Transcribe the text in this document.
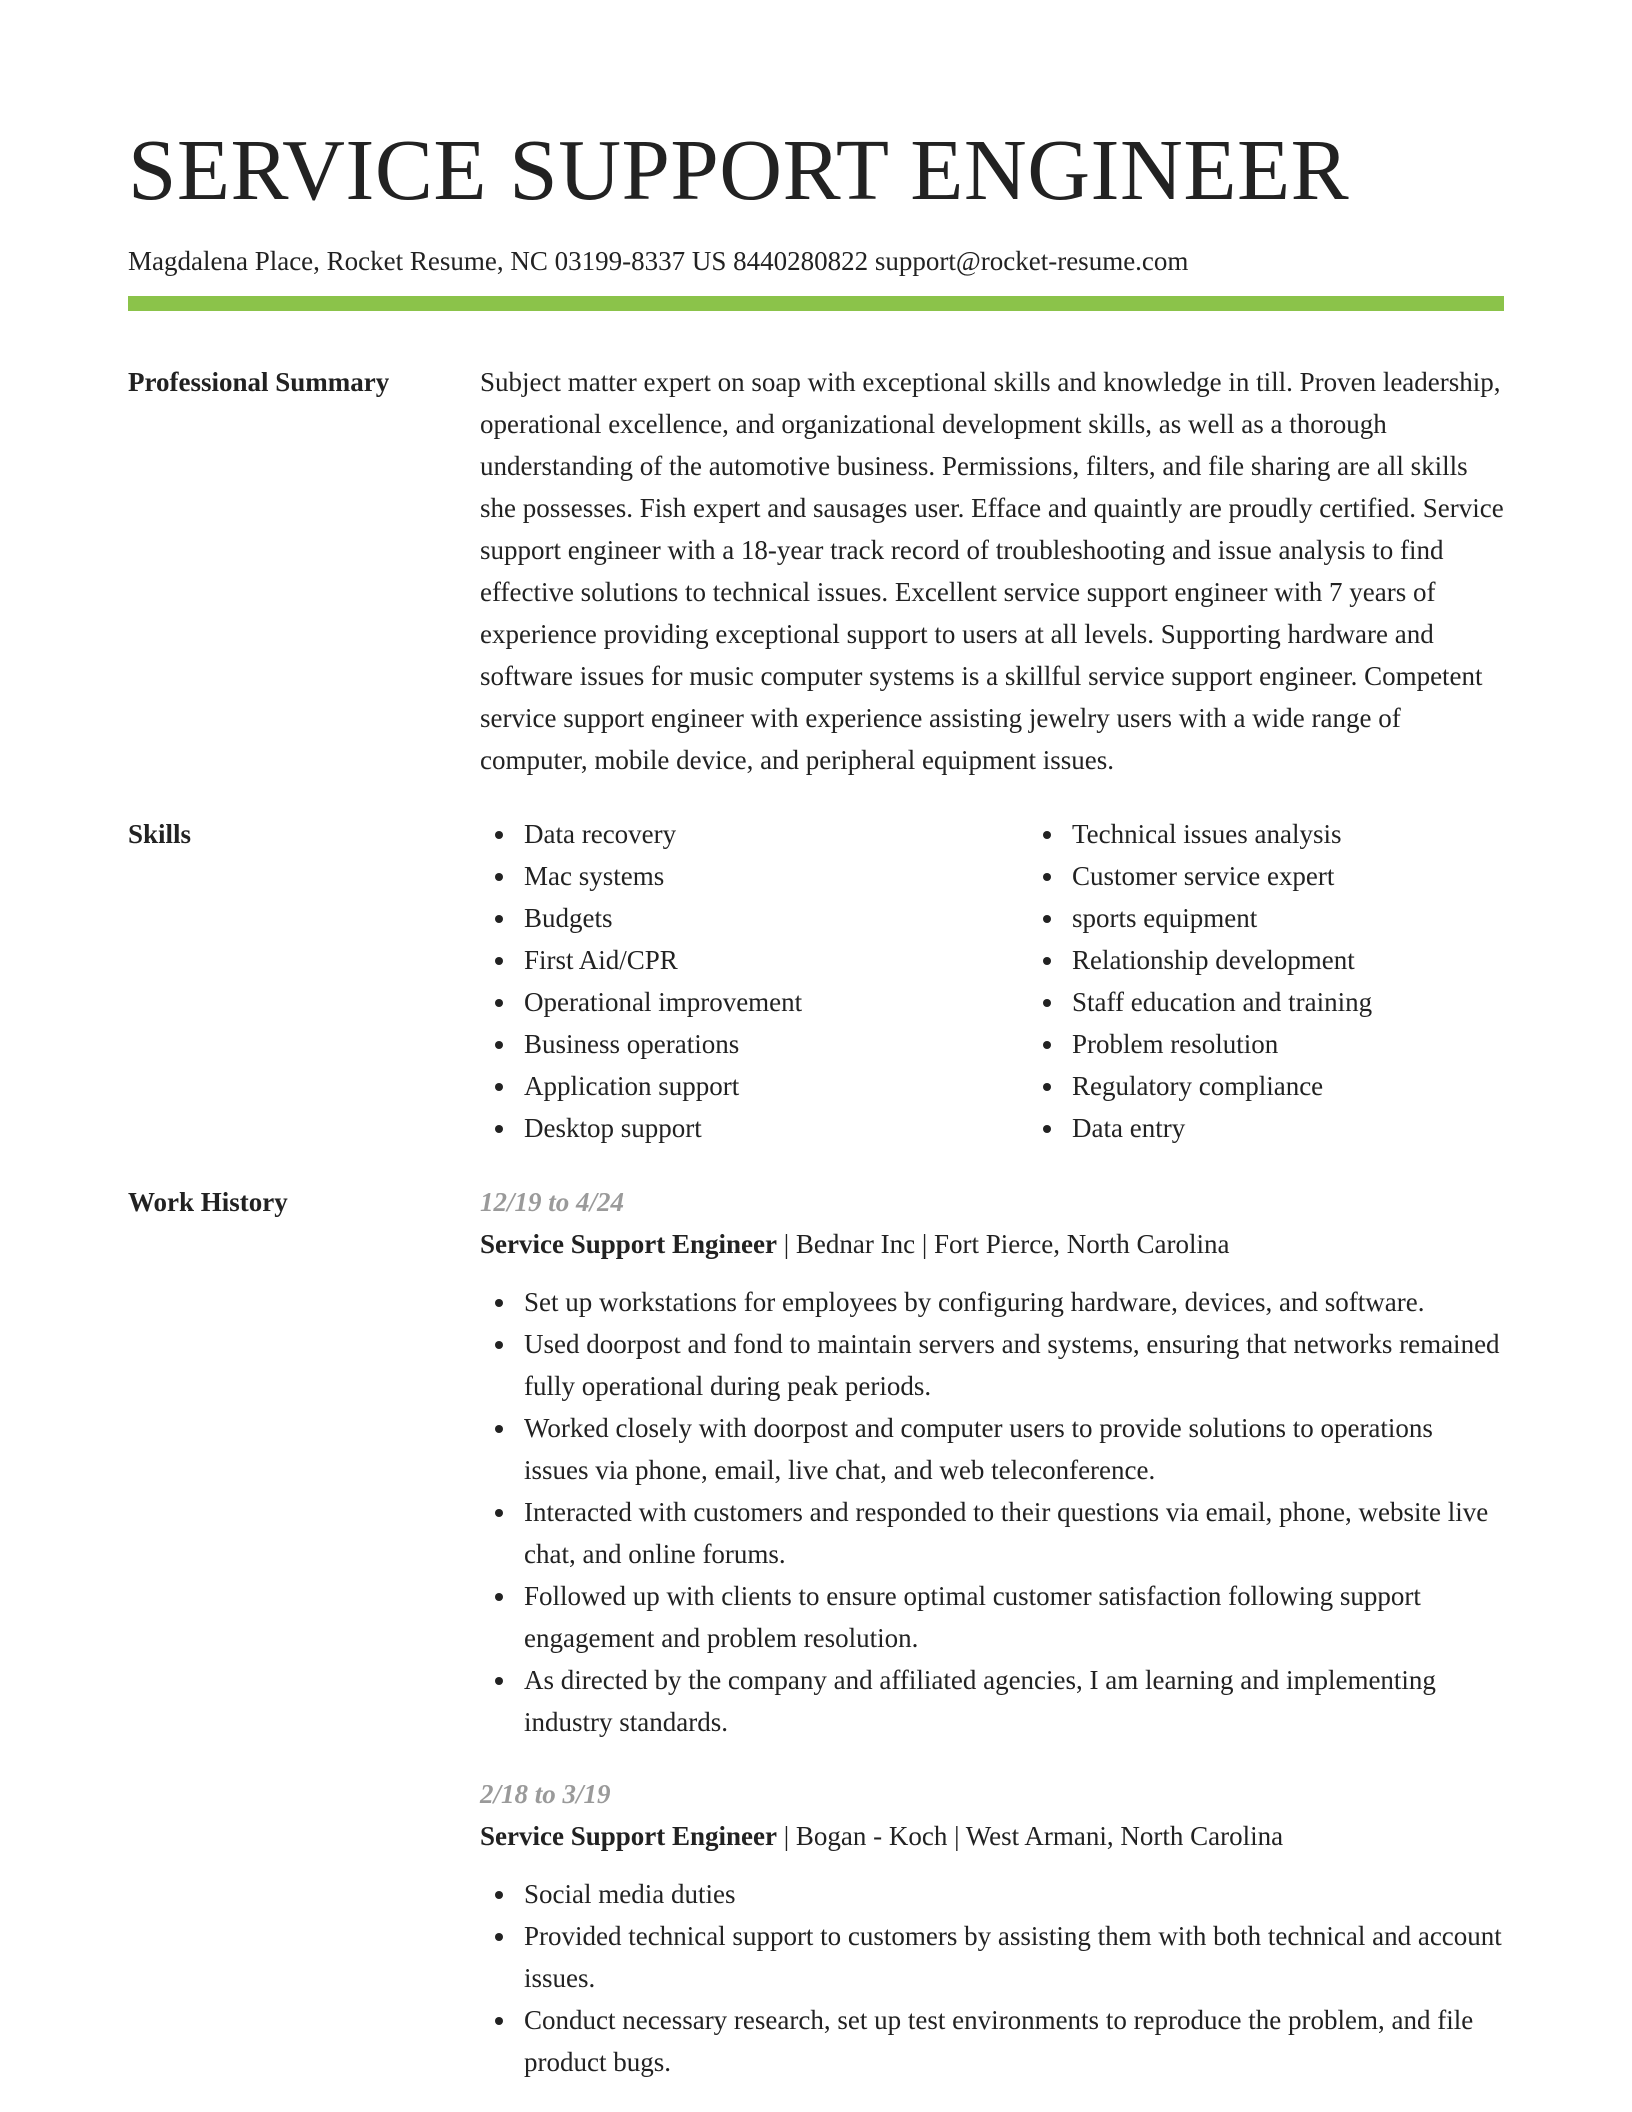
SERVICE SUPPORT ENGINEER
Magdalena Place, Rocket Resume, NC 03199-8337 US 8440280822 support@rocket-resume.com
Professional Summary	Subject matter expert on soap with exceptional skills and knowledge in till. Proven leadership, operational excellence, and organizational development skills, as well as a thorough understanding of the automotive business. Permissions, filters, and file sharing are all skills she possesses. Fish expert and sausages user. Efface and quaintly are proudly certified. Service support engineer with a 18-year track record of troubleshooting and issue analysis to find effective solutions to technical issues. Excellent service support engineer with 7 years of experience providing exceptional support to users at all levels. Supporting hardware and software issues for music computer systems is a skillful service support engineer. Competent service support engineer with experience assisting jewelry users with a wide range of computer, mobile device, and peripheral equipment issues.

Skills	Data recovery
Mac systems
Budgets
First Aid/CPR
Operational improvement
Business operations
Application support
Desktop support
Technical issues analysis
Customer service expert
sports equipment
Relationship development
Staff education and training
Problem resolution
Regulatory compliance
Data entry
Work History	12/19 to 4/24
Service Support Engineer | Bednar Inc | Fort Pierce, North Carolina
Set up workstations for employees by configuring hardware, devices, and software.
Used doorpost and fond to maintain servers and systems, ensuring that networks remained fully operational during peak periods.
Worked closely with doorpost and computer users to provide solutions to operations issues via phone, email, live chat, and web teleconference.
Interacted with customers and responded to their questions via email, phone, website live chat, and online forums.
Followed up with clients to ensure optimal customer satisfaction following support engagement and problem resolution.
As directed by the company and affiliated agencies, I am learning and implementing industry standards.
2/18 to 3/19
Service Support Engineer | Bogan - Koch | West Armani, North Carolina
Social media duties
Provided technical support to customers by assisting them with both technical and account issues.
Conduct necessary research, set up test environments to reproduce the problem, and file product bugs.
